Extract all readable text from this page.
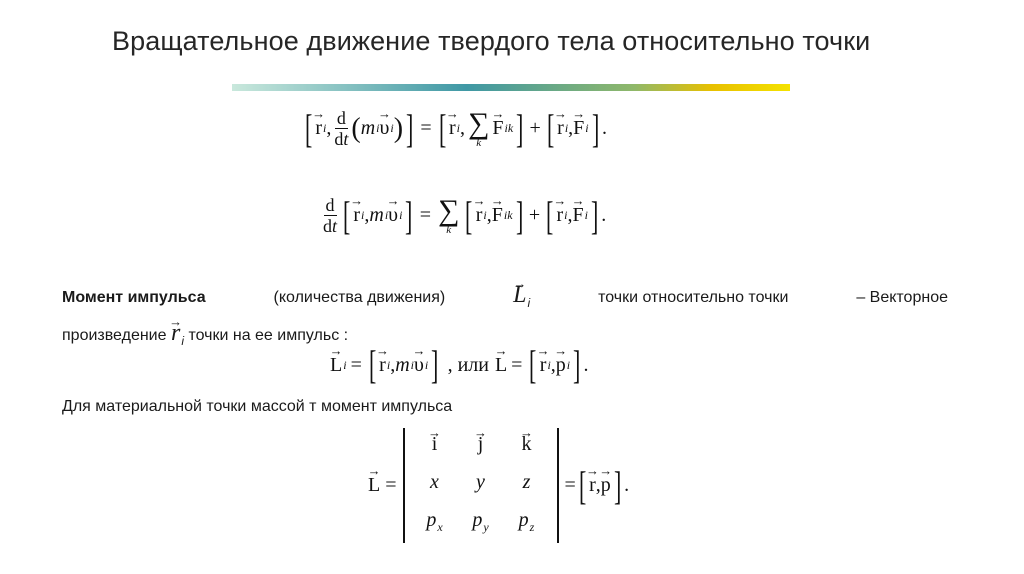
Вращательное движение твердого тела относительно точки
[ → r i , $\frac{d}{dt}$ ( m i → υ i ) ] = [ → r i , ∑
k
→ F ik ] + [ → r i , → F i ] .
$\frac{d}{dt}$ [ → r i , m i → υ i ] = ∑
k [ → r i , → F ik ] + [ → r i , → F i ] .
Момент импульса	(количества движения)	→ $L_i$	точки относительно точки	– Векторное
произведение → $r_i$ точки на ее импульс :
→ L i = [ → r i , m i → υ i ] , или → L = [ → r i , → p i ] .
Для материальной точки массой т момент импульса
→ L =
→ i	→ j	→ k
x	y	z
$p_x$	$p_y$	$p_z$
= [ → r , → p ] .
